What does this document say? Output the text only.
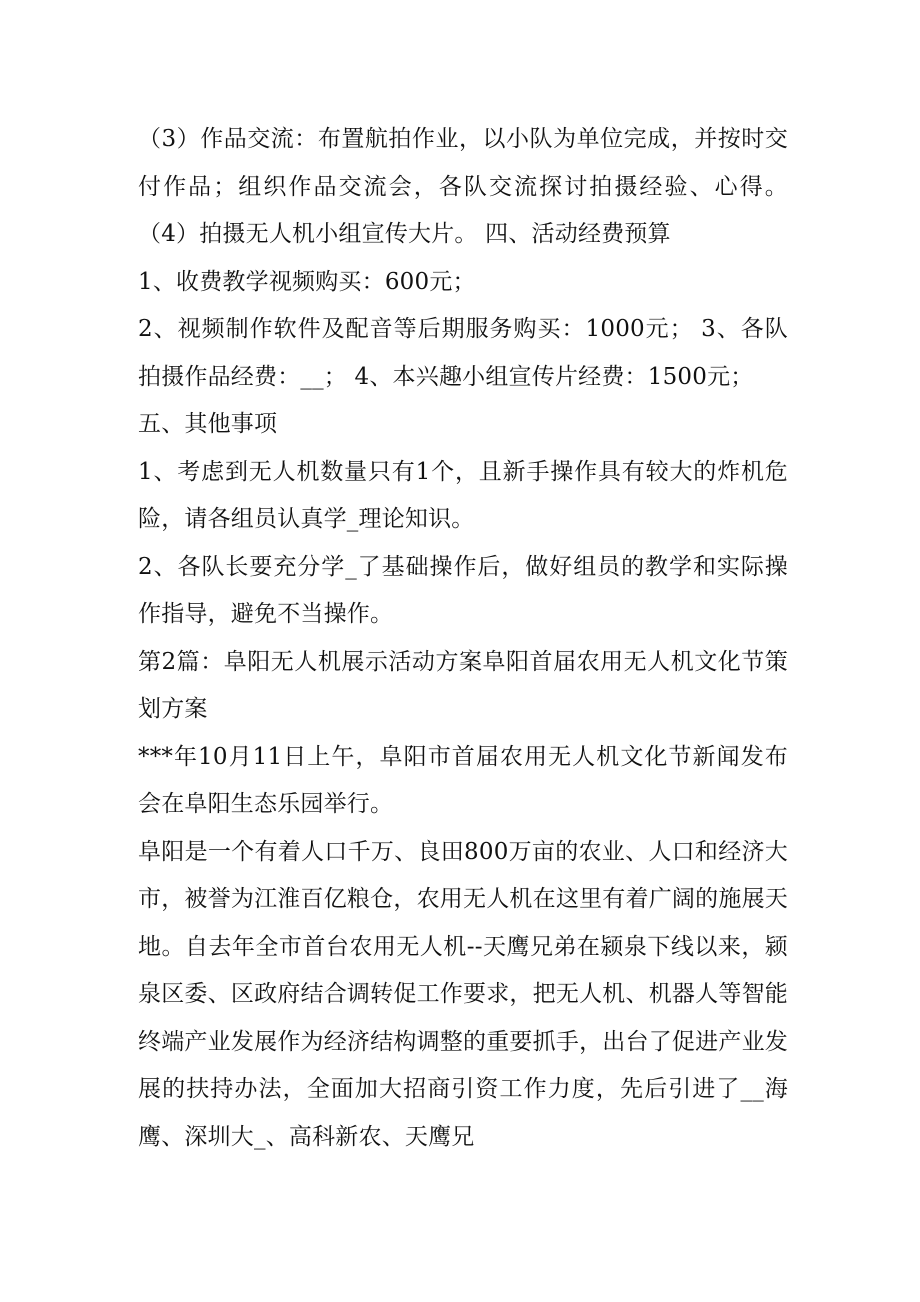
（3）作品交流：布置航拍作业，以小队为单位完成，并按时交付作品；组织作品交流会，各队交流探讨拍摄经验、心得。 （4）拍摄无人机小组宣传大片。 四、活动经费预算

1、收费教学视频购买：600元；

2、视频制作软件及配音等后期服务购买：1000元； 3、各队拍摄作品经费：__； 4、本兴趣小组宣传片经费：1500元；

五、其他事项

1、考虑到无人机数量只有1个，且新手操作具有较大的炸机危险，请各组员认真学_理论知识。

2、各队长要充分学_了基础操作后，做好组员的教学和实际操作指导，避免不当操作。

第2篇：阜阳无人机展示活动方案阜阳首届农用无人机文化节策划方案

***年10月11日上午，阜阳市首届农用无人机文化节新闻发布会在阜阳生态乐园举行。

阜阳是一个有着人口千万、良田800万亩的农业、人口和经济大市，被誉为江淮百亿粮仓，农用无人机在这里有着广阔的施展天地。自去年全市首台农用无人机--天鹰兄弟在颍泉下线以来，颍泉区委、区政府结合调转促工作要求，把无人机、机器人等智能终端产业发展作为经济结构调整的重要抓手，出台了促进产业发展的扶持办法，全面加大招商引资工作力度，先后引进了__海鹰、深圳大_、高科新农、天鹰兄
